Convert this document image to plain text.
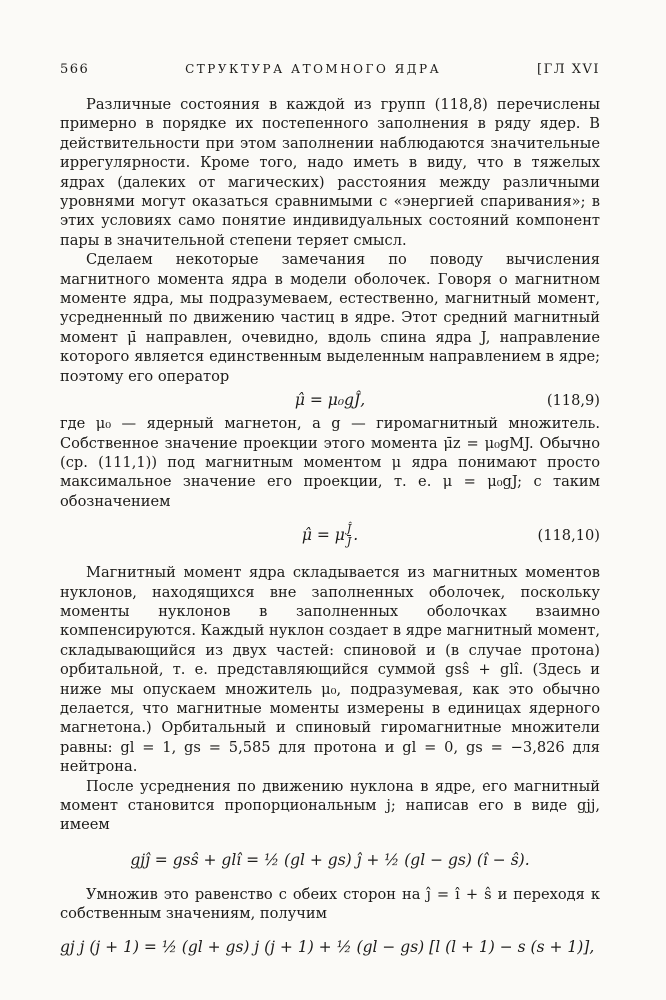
566	СТРУКТУРА АТОМНОГО ЯДРА	[ГЛ XVI

Различные состояния в каждой из групп (118,8) перечислены примерно в порядке их постепенного заполнения в ряду ядер. В действительности при этом заполнении наблюдаются значительные иррегулярности. Кроме того, надо иметь в виду, что в тяжелых ядрах (далеких от магических) расстояния между различными уровнями могут оказаться сравнимыми с «энергией спаривания»; в этих условиях само понятие индивидуальных состояний компонент пары в значительной степени теряет смысл.

Сделаем некоторые замечания по поводу вычисления магнитного момента ядра в модели оболочек. Говоря о магнитном моменте ядра, мы подразумеваем, естественно, магнитный момент, усредненный по движению частиц в ядре. Этот средний магнитный момент μ̄ направлен, очевидно, вдоль спина ядра J, направление которого является единственным выделенным направлением в ядре; поэтому его оператор

μ̂ = μ₀gĴ,	(118,9)

где μ₀ — ядерный магнетон, а g — гиромагнитный множитель. Собственное значение проекции этого момента μ̄z = μ₀gMJ. Обычно (ср. (111,1)) под магнитным моментом μ ядра понимают просто максимальное значение его проекции, т. е. μ = μ₀gJ; с таким обозначением

μ̂ = μ $\frac{Ĵ}{J}$ .	(118,10)

Магнитный момент ядра складывается из магнитных моментов нуклонов, находящихся вне заполненных оболочек, поскольку моменты нуклонов в заполненных оболочках взаимно компенсируются. Каждый нуклон создает в ядре магнитный момент, складывающийся из двух частей: спиновой и (в случае протона) орбитальной, т. е. представляющийся суммой gsŝ + glî. (Здесь и ниже мы опускаем множитель μ₀, подразумевая, как это обычно делается, что магнитные моменты измерены в единицах ядерного магнетона.) Орбитальный и спиновый гиромагнитные множители равны: gl = 1, gs = 5,585 для протона и gl = 0, gs = −3,826 для нейтрона.

После усреднения по движению нуклона в ядре, его магнитный момент становится пропорциональным j; написав его в виде gjj, имеем

gjĵ = gsŝ + glî = ½ (gl + gs) ĵ + ½ (gl − gs) (î − ŝ).

Умножив это равенство с обеих сторон на ĵ = î + ŝ и переходя к собственным значениям, получим

gj j (j + 1) = ½ (gl + gs) j (j + 1) + ½ (gl − gs) [l (l + 1) − s (s + 1)],
